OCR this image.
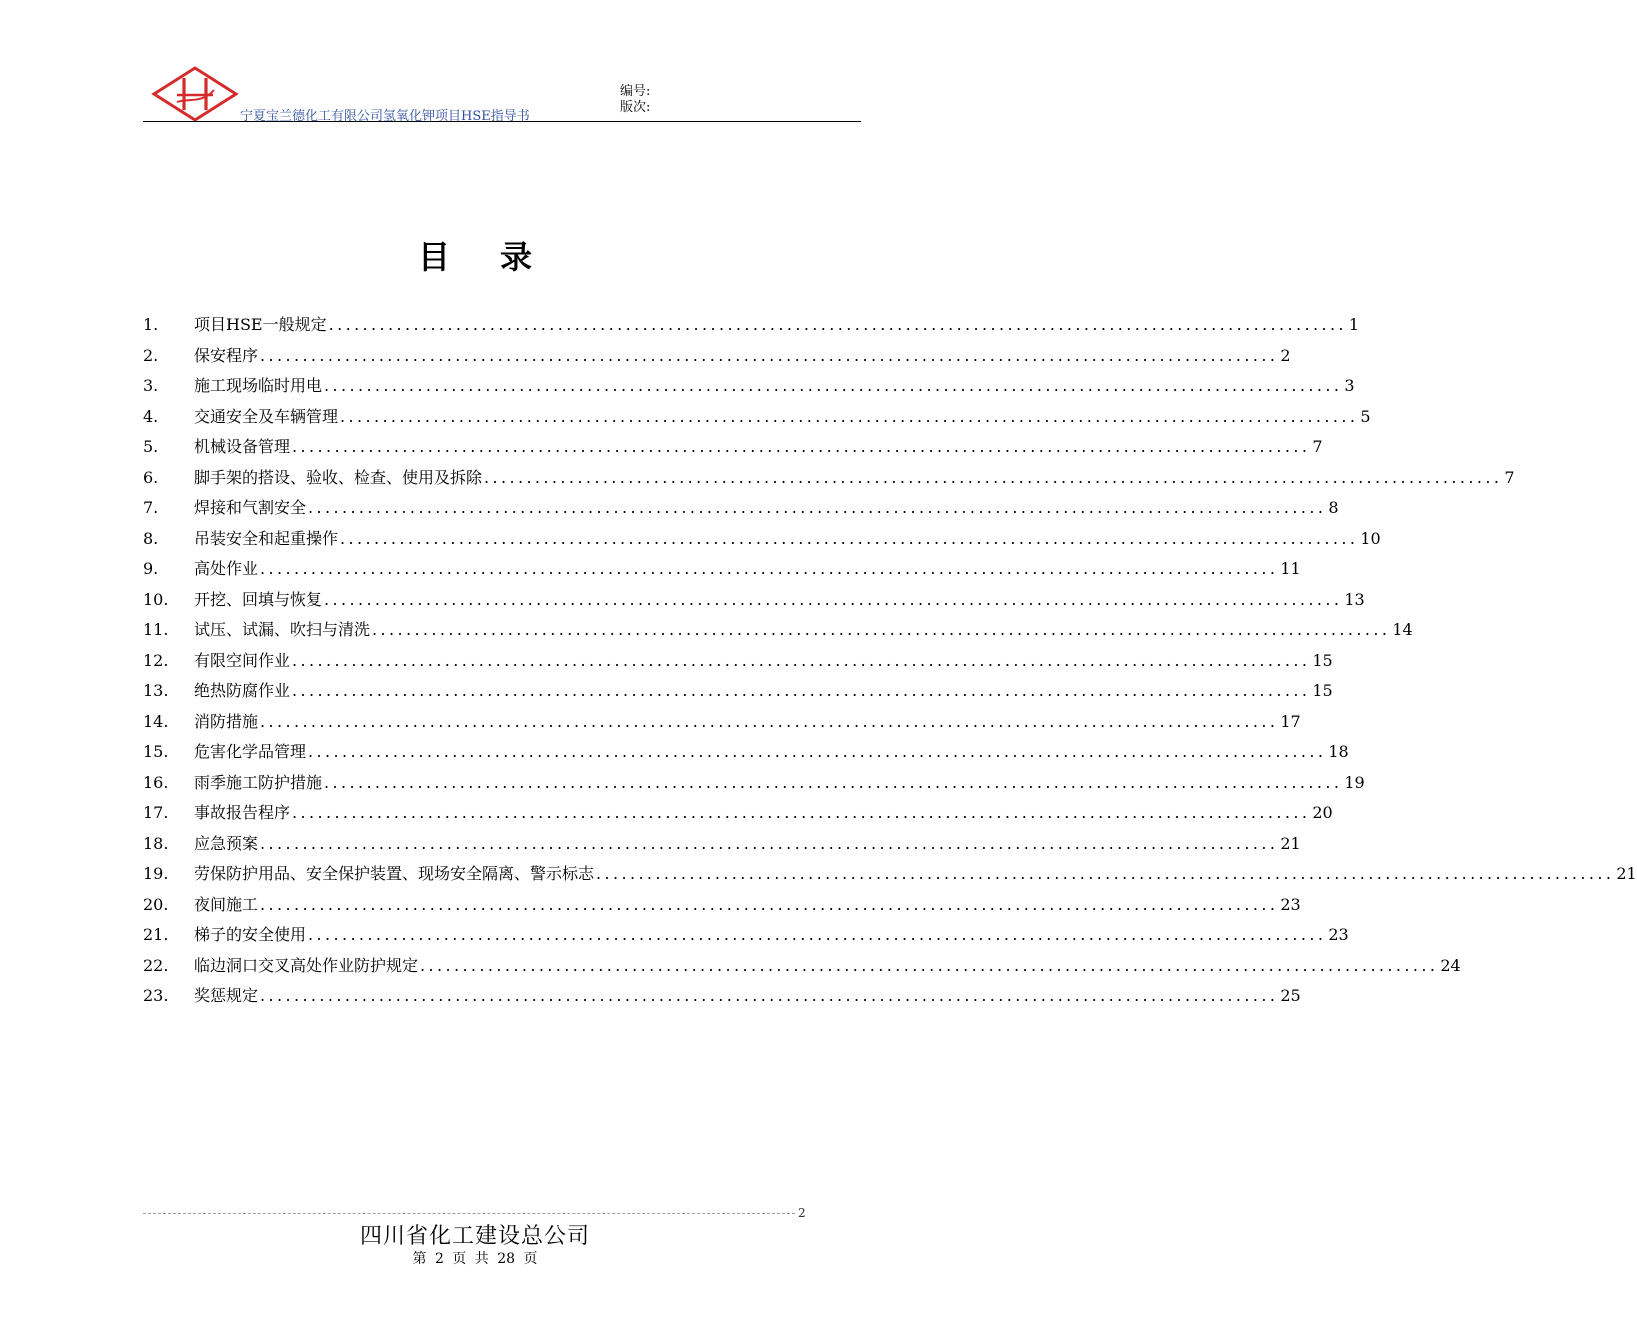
宁夏宝兰德化工有限公司氢氧化钾项目HSE指导书
编号:
版次:
目录
1.	项目HSE一般规定 ........................................................................................................................ 1
2.	保安程序 ........................................................................................................................ 2
3.	施工现场临时用电 ........................................................................................................................ 3
4.	交通安全及车辆管理 ........................................................................................................................ 5
5.	机械设备管理 ........................................................................................................................ 7
6.	脚手架的搭设、验收、检查、使用及拆除 ........................................................................................................................ 7
7.	焊接和气割安全 ........................................................................................................................ 8
8.	吊装安全和起重操作 ........................................................................................................................ 10
9.	高处作业 ........................................................................................................................ 11
10.	开挖、回填与恢复 ........................................................................................................................ 13
11.	试压、试漏、吹扫与清洗 ........................................................................................................................ 14
12.	有限空间作业 ........................................................................................................................ 15
13.	绝热防腐作业 ........................................................................................................................ 15
14.	消防措施 ........................................................................................................................ 17
15.	危害化学品管理 ........................................................................................................................ 18
16.	雨季施工防护措施 ........................................................................................................................ 19
17.	事故报告程序 ........................................................................................................................ 20
18.	应急预案 ........................................................................................................................ 21
19.	劳保防护用品、安全保护装置、现场安全隔离、警示标志 ........................................................................................................................ 21
20.	夜间施工 ........................................................................................................................ 23
21.	梯子的安全使用 ........................................................................................................................ 23
22.	临边洞口交叉高处作业防护规定 ........................................................................................................................ 24
23.	奖惩规定 ........................................................................................................................ 25
2
四川省化工建设总公司
第 2 页 共 28 页
